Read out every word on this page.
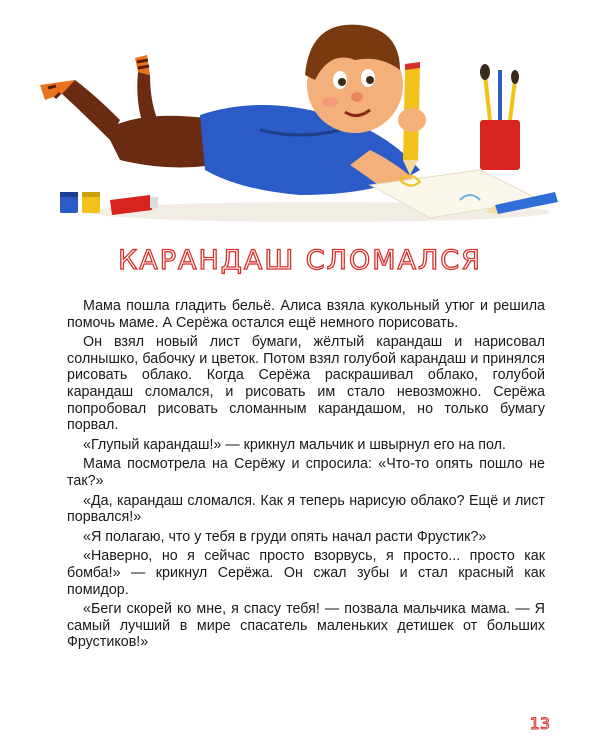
КАРАНДАШ СЛОМАЛСЯ

Мама пошла гладить бельё. Алиса взяла кукольный утюг и решила помочь маме. А Серёжа остался ещё немного порисовать.

Он взял новый лист бумаги, жёлтый карандаш и нарисовал солнышко, бабочку и цветок. Потом взял голубой карандаш и принялся рисовать облако. Когда Серёжа раскрашивал облако, голубой карандаш сломался, и рисовать им стало невозможно. Серёжа попробовал рисовать сломанным карандашом, но только бумагу порвал.

«Глупый карандаш!» — крикнул мальчик и швырнул его на пол.

Мама посмотрела на Серёжу и спросила: «Что-то опять пошло не так?»

«Да, карандаш сломался. Как я теперь нарисую облако? Ещё и лист порвался!»

«Я полагаю, что у тебя в груди опять начал расти Фрустик?»

«Наверно, но я сейчас просто взорвусь, я просто... просто как бомба!» — крикнул Серёжа. Он сжал зубы и стал красный как помидор.

«Беги скорей ко мне, я спасу тебя! — позвала мальчика мама. — Я самый лучший в мире спасатель маленьких детишек от больших Фрустиков!»

13
